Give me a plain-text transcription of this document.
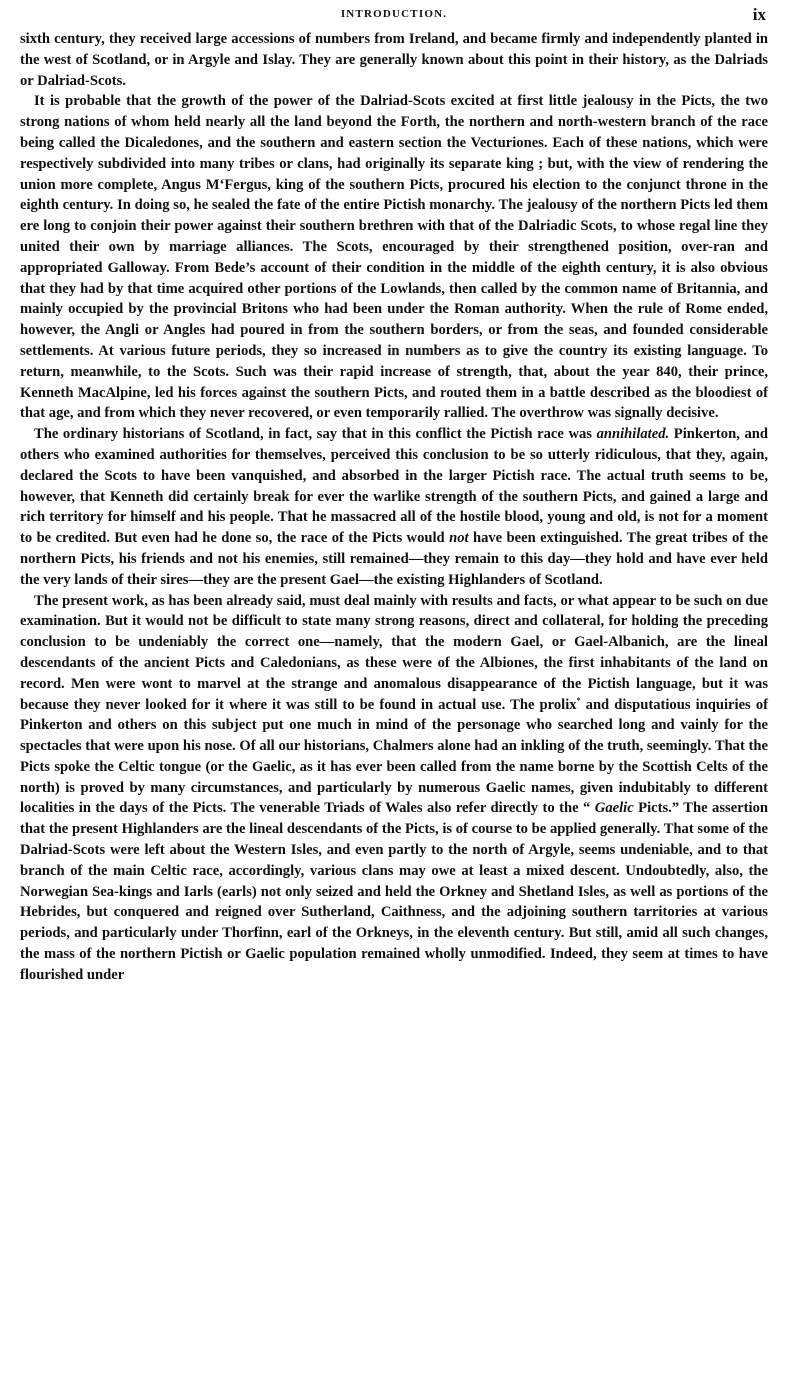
INTRODUCTION.	ix

sixth century, they received large accessions of numbers from Ireland, and became firmly and independently planted in the west of Scotland, or in Argyle and Islay. They are generally known about this point in their history, as the Dalriads or Dalriad-Scots.

It is probable that the growth of the power of the Dalriad-Scots excited at first little jealousy in the Picts, the two strong nations of whom held nearly all the land beyond the Forth, the northern and north-western branch of the race being called the Dicaledones, and the southern and eastern section the Vecturiones. Each of these nations, which were respectively subdivided into many tribes or clans, had originally its separate king ; but, with the view of rendering the union more complete, Angus M‘Fergus, king of the southern Picts, procured his election to the conjunct throne in the eighth century. In doing so, he sealed the fate of the entire Pictish monarchy. The jealousy of the northern Picts led them ere long to conjoin their power against their southern brethren with that of the Dalriadic Scots, to whose regal line they united their own by marriage alliances. The Scots, encouraged by their strengthened position, over-ran and appropriated Galloway. From Bede’s account of their condition in the middle of the eighth century, it is also obvious that they had by that time acquired other portions of the Lowlands, then called by the common name of Britannia, and mainly occupied by the provincial Britons who had been under the Roman authority. When the rule of Rome ended, however, the Angli or Angles had poured in from the southern borders, or from the seas, and founded considerable settlements. At various future periods, they so increased in numbers as to give the country its existing language. To return, meanwhile, to the Scots. Such was their rapid increase of strength, that, about the year 840, their prince, Kenneth MacAlpine, led his forces against the southern Picts, and routed them in a battle described as the bloodiest of that age, and from which they never recovered, or even temporarily rallied. The overthrow was signally decisive.

The ordinary historians of Scotland, in fact, say that in this conflict the Pictish race was annihilated. Pinkerton, and others who examined authorities for themselves, perceived this conclusion to be so utterly ridiculous, that they, again, declared the Scots to have been vanquished, and absorbed in the larger Pictish race. The actual truth seems to be, however, that Kenneth did certainly break for ever the warlike strength of the southern Picts, and gained a large and rich territory for himself and his people. That he massacred all of the hostile blood, young and old, is not for a moment to be credited. But even had he done so, the race of the Picts would not have been extinguished. The great tribes of the northern Picts, his friends and not his enemies, still remained—they remain to this day—they hold and have ever held the very lands of their sires—they are the present Gael—the existing Highlanders of Scotland.

The present work, as has been already said, must deal mainly with results and facts, or what appear to be such on due examination. But it would not be difficult to state many strong reasons, direct and collateral, for holding the preceding conclusion to be undeniably the correct one—namely, that the modern Gael, or Gael-Albanich, are the lineal descendants of the ancient Picts and Caledonians, as these were of the Albiones, the first inhabitants of the land on record. Men were wont to marvel at the strange and anomalous disappearance of the Pictish language, but it was because they never looked for it where it was still to be found in actual use. The prolix* and disputatious inquiries of Pinkerton and others on this subject put one much in mind of the personage who searched long and vainly for the spectacles that were upon his nose. Of all our historians, Chalmers alone had an inkling of the truth, seemingly. That the Picts spoke the Celtic tongue (or the Gaelic, as it has ever been called from the name borne by the Scottish Celts of the north) is proved by many circumstances, and particularly by numerous Gaelic names, given indubitably to different localities in the days of the Picts. The venerable Triads of Wales also refer directly to the “ Gaelic Picts.” The assertion that the present Highlanders are the lineal descendants of the Picts, is of course to be applied generally. That some of the Dalriad-Scots were left about the Western Isles, and even partly to the north of Argyle, seems undeniable, and to that branch of the main Celtic race, accordingly, various clans may owe at least a mixed descent. Undoubtedly, also, the Norwegian Sea-kings and Iarls (earls) not only seized and held the Orkney and Shetland Isles, as well as portions of the Hebrides, but conquered and reigned over Sutherland, Caithness, and the adjoining southern tarritories at various periods, and particularly under Thorfinn, earl of the Orkneys, in the eleventh century. But still, amid all such changes, the mass of the northern Pictish or Gaelic population remained wholly unmodified. Indeed, they seem at times to have flourished under
